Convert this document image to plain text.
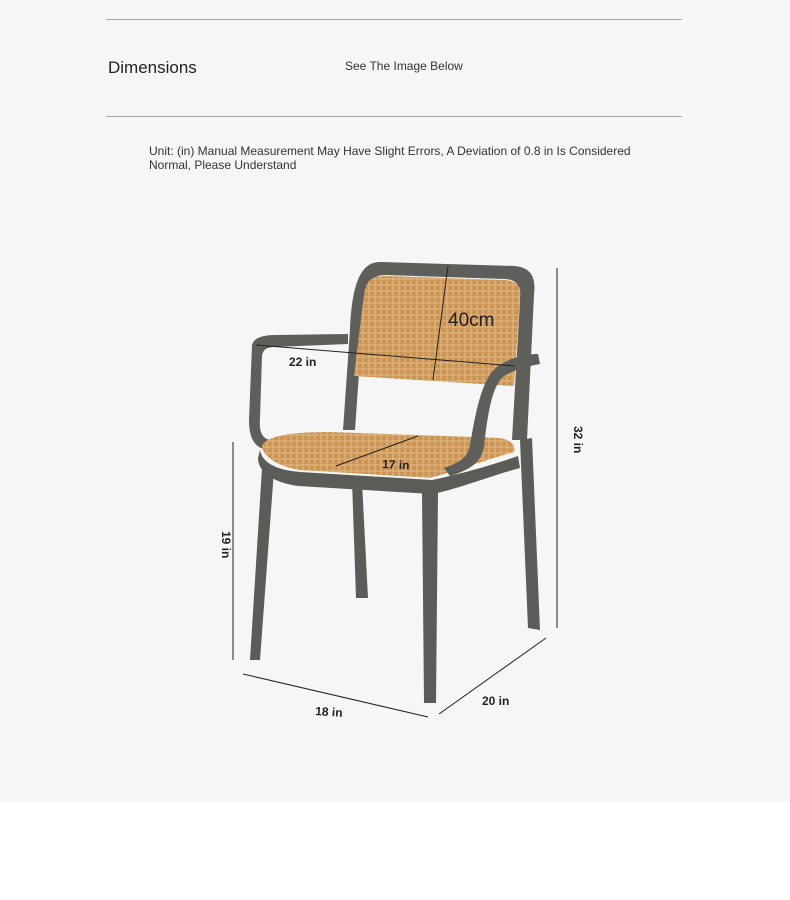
Dimensions	See The Image Below
Unit: (in) Manual Measurement May Have Slight Errors, A Deviation of 0.8 in Is Considered Normal, Please Understand
40cm
22 in
17 in
32 in
19 in
18 in
20 in
